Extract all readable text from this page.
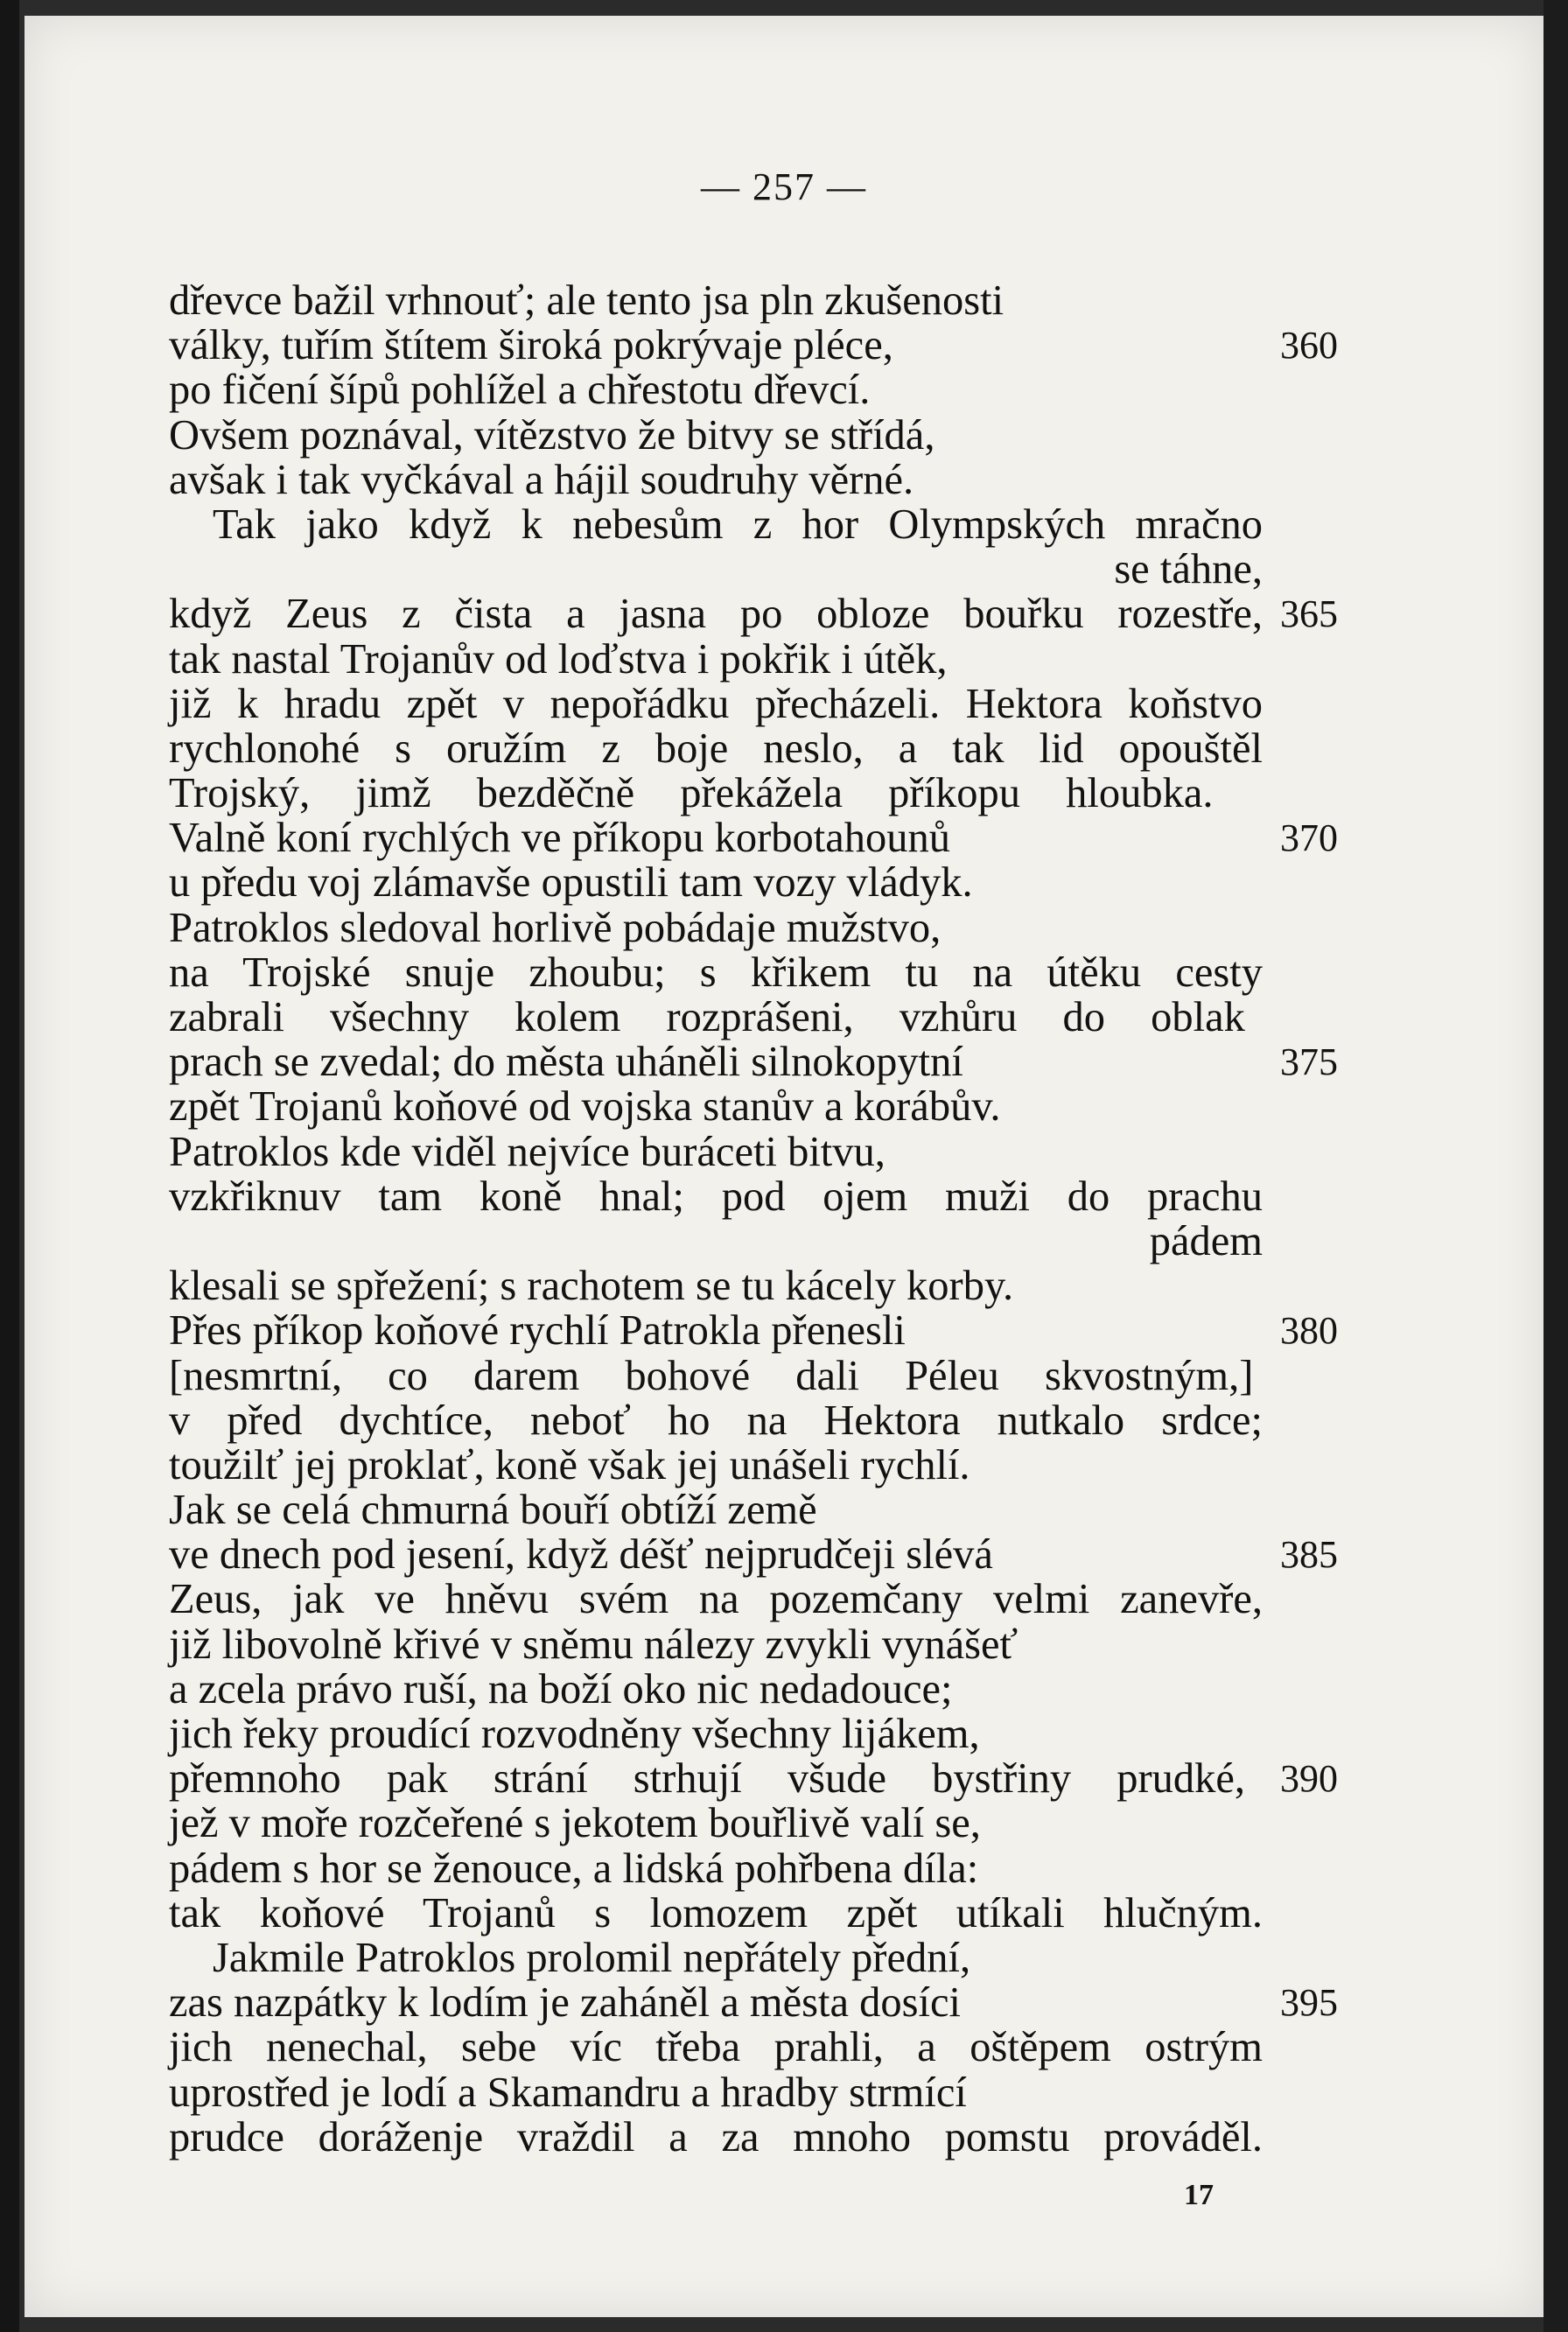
— 257 —
dřevce bažil vrhnouť; ale tento jsa pln zkušenosti
války, tuřím štítem široká pokrývaje pléce,	360
po fičení šípů pohlížel a chřestotu dřevcí.
Ovšem poznával, vítězstvo že bitvy se střídá,
avšak i tak vyčkával a hájil soudruhy věrné.
Tak jako když k nebesům z hor Olympských mračno
se táhne,
když Zeus z čista a jasna po obloze bouřku rozestře, 365
tak nastal Trojanův od loďstva i pokřik i útěk,
již k hradu zpět v nepořádku přecházeli. Hektora koňstvo
rychlonohé s oružím z boje neslo, a tak lid opouštěl
Trojský, jimž bezděčně překážela příkopu hloubka.
Valně koní rychlých ve příkopu korbotahounů	370
u předu voj zlámavše opustili tam vozy vládyk.
Patroklos sledoval horlivě pobádaje mužstvo,
na Trojské snuje zhoubu; s křikem tu na útěku cesty
zabrali všechny kolem rozprášeni, vzhůru do oblak
prach se zvedal; do města uháněli silnokopytní	375
zpět Trojanů koňové od vojska stanův a korábův.
Patroklos kde viděl nejvíce buráceti bitvu,
vzkřiknuv tam koně hnal; pod ojem muži do prachu
pádem
klesali se spřežení; s rachotem se tu kácely korby.
Přes příkop koňové rychlí Patrokla přenesli	380
[nesmrtní, co darem bohové dali Péleu skvostným,]
v před dychtíce, neboť ho na Hektora nutkalo srdce;
toužilť jej proklať, koně však jej unášeli rychlí.
Jak se celá chmurná bouří obtíží země
ve dnech pod jesení, když déšť nejprudčeji slévá	385
Zeus, jak ve hněvu svém na pozemčany velmi zanevře,
již libovolně křivé v sněmu nálezy zvykli vynášeť
a zcela právo ruší, na boží oko nic nedadouce;
jich řeky proudící rozvodněny všechny lijákem,
přemnoho pak strání strhují všude bystřiny prudké, 390
jež v moře rozčeřené s jekotem bouřlivě valí se,
pádem s hor se ženouce, a lidská pohřbena díla:
tak koňové Trojanů s lomozem zpět utíkali hlučným.
Jakmile Patroklos prolomil nepřátely přední,
zas nazpátky k lodím je zaháněl a města dosíci	395
jich nenechal, sebe víc třeba prahli, a oštěpem ostrým
uprostřed je lodí a Skamandru a hradby strmící
prudce doráženje vraždil a za mnoho pomstu prováděl.
17
